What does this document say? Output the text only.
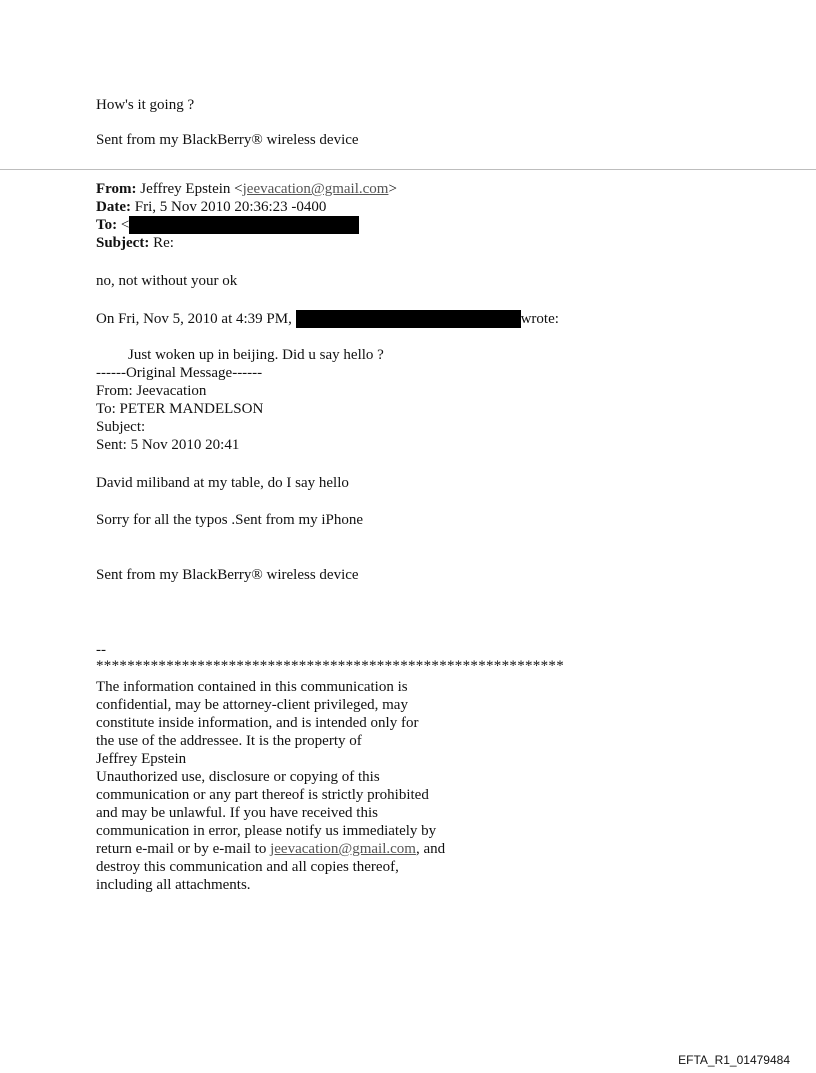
How's it going ?
Sent from my BlackBerry® wireless device
From: Jeffrey Epstein <jeevacation@gmail.com>
Date: Fri, 5 Nov 2010 20:36:23 -0400
To: <
Subject: Re:
no, not without your ok
On Fri, Nov 5, 2010 at 4:39 PM,	wrote:
Just woken up in beijing. Did u say hello ?
------Original Message------
From: Jeevacation
To: PETER MANDELSON
Subject:
Sent: 5 Nov 2010 20:41
David miliband at my table, do I say hello
Sorry for all the typos .Sent from my iPhone
Sent from my BlackBerry® wireless device
--
************************************************************
The information contained in this communication is
confidential, may be attorney-client privileged, may
constitute inside information, and is intended only for
the use of the addressee. It is the property of
Jeffrey Epstein
Unauthorized use, disclosure or copying of this
communication or any part thereof is strictly prohibited
and may be unlawful. If you have received this
communication in error, please notify us immediately by
return e-mail or by e-mail to jeevacation@gmail.com, and
destroy this communication and all copies thereof,
including all attachments.
EFTA_R1_01479484
